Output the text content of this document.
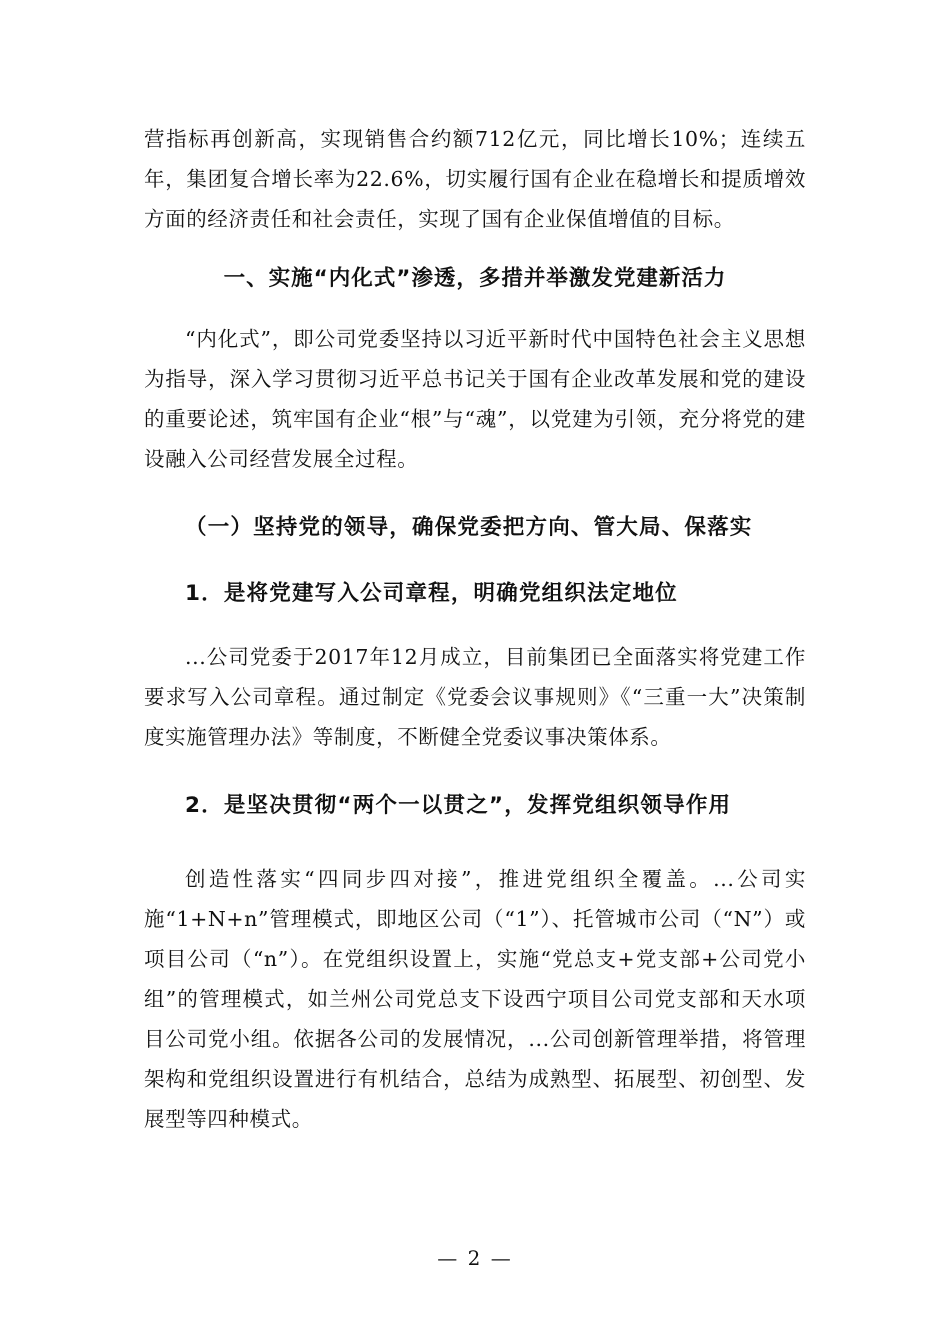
营指标再创新高，实现销售合约额712亿元，同比增长10%；连续五年，集团复合增长率为22.6%，切实履行国有企业在稳增长和提质增效方面的经济责任和社会责任，实现了国有企业保值增值的目标。

一、实施“内化式”渗透，多措并举激发党建新活力

“内化式”，即公司党委坚持以习近平新时代中国特色社会主义思想为指导，深入学习贯彻习近平总书记关于国有企业改革发展和党的建设的重要论述，筑牢国有企业“根”与“魂”，以党建为引领，充分将党的建设融入公司经营发展全过程。

（一）坚持党的领导，确保党委把方向、管大局、保落实
1．是将党建写入公司章程，明确党组织法定地位

...公司党委于2017年12月成立，目前集团已全面落实将党建工作要求写入公司章程。通过制定《党委会议事规则》《“三重一大”决策制度实施管理办法》等制度，不断健全党委议事决策体系。

2．是坚决贯彻“两个一以贯之”，发挥党组织领导作用

创造性落实“四同步四对接”，推进党组织全覆盖。...公司实施“1+N+n”管理模式，即地区公司（“1”）、托管城市公司（“N”）或项目公司（“n”）。在党组织设置上，实施“党总支+党支部+公司党小组”的管理模式，如兰州公司党总支下设西宁项目公司党支部和天水项目公司党小组。依据各公司的发展情况，...公司创新管理举措，将管理架构和党组织设置进行有机结合，总结为成熟型、拓展型、初创型、发展型等四种模式。

— 2 —
